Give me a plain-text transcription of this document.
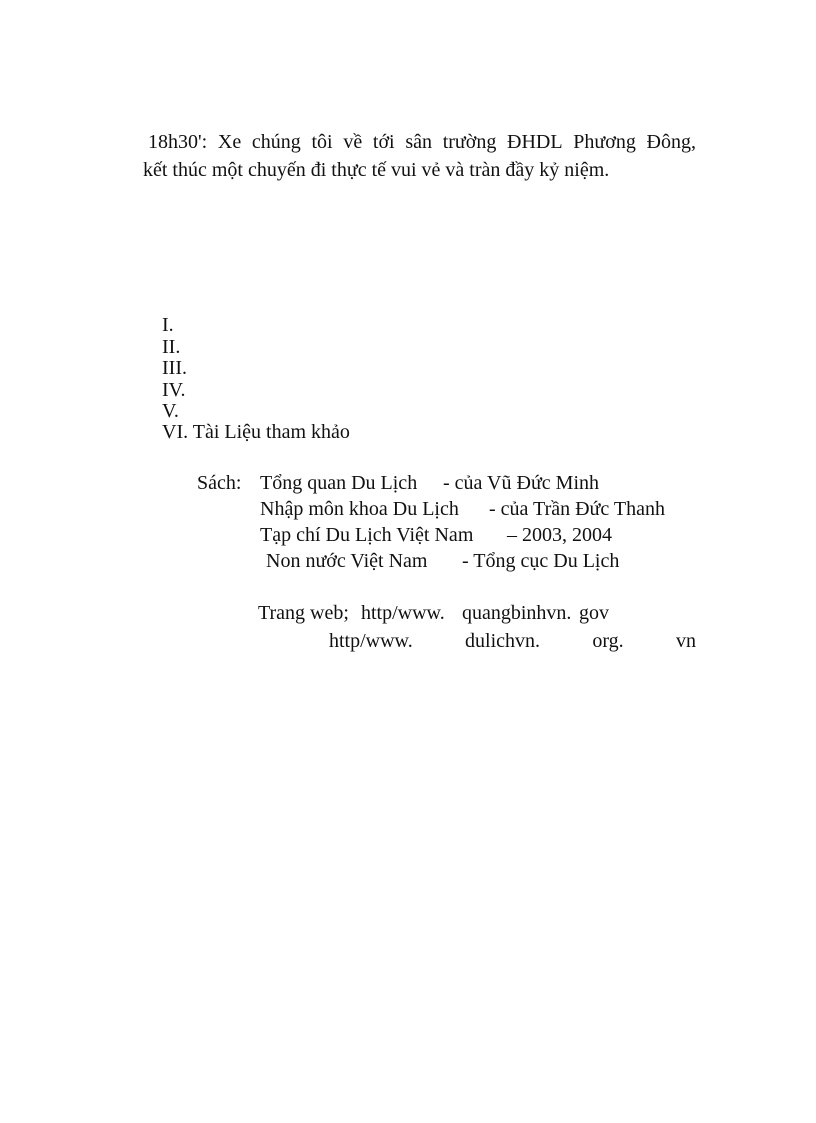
18h30': Xe chúng tôi về tới sân trường ĐHDL Phương Đông,
kết thúc một chuyến đi thực tế vui vẻ và tràn đầy kỷ niệm.
I.
II.
III.
IV.
V.
VI. Tài Liệu tham khảo
Sách: Tổng quan Du Lịch - của Vũ Đức Minh
Nhập môn khoa Du Lịch - của Trần Đức Thanh
Tạp chí Du Lịch Việt Nam – 2003, 2004
Non nước Việt Nam - Tổng cục Du Lịch
Trang web; http/www. quangbinhvn. gov
http/www.	dulichvn.	org.	vn
